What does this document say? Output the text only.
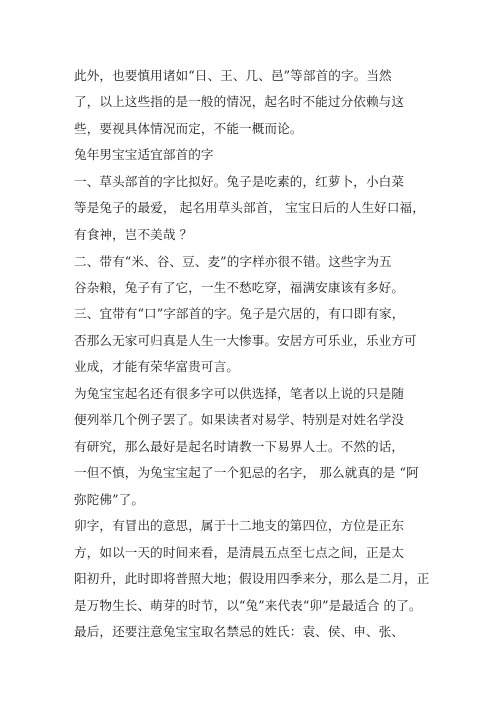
此外，也要慎用诸如“日、王、几、邑”等部首的字。当然
了，以上这些指的是一般的情况，起名时不能过分依赖与这
些，要视具体情况而定，不能一概而论。
兔年男宝宝适宜部首的字
一、草头部首的字比拟好。兔子是吃素的，红萝卜，小白菜
等是兔子的最爱， 起名用草头部首， 宝宝日后的人生好口福，
有食神，岂不美哉 ？
二、带有“米、谷、豆、麦”的字样亦很不错。这些字为五
谷杂粮，兔子有了它，一生不愁吃穿，福满安康该有多好。
三、宜带有“口”字部首的字。兔子是穴居的，有口即有家，
否那么无家可归真是人生一大惨事。安居方可乐业，乐业方可
业成，才能有荣华富贵可言。
为兔宝宝起名还有很多字可以供选择，笔者以上说的只是随
便列举几个例子罢了。如果读者对易学、特别是对姓名学没
有研究，那么最好是起名时请教一下易界人士。不然的话，
一但不慎，为兔宝宝起了一个犯忌的名字， 那么就真的是 “阿
弥陀佛”了。
卯字，有冒出的意思，属于十二地支的第四位，方位是正东
方，如以一天的时间来看，是清晨五点至七点之间，正是太
阳初升，此时即将普照大地；假设用四季来分，那么是二月，正
是万物生长、萌芽的时节，以“兔”来代表“卯”是最适合 的了。
最后，还要注意兔宝宝取名禁忌的姓氏：袁、侯、申、张、
